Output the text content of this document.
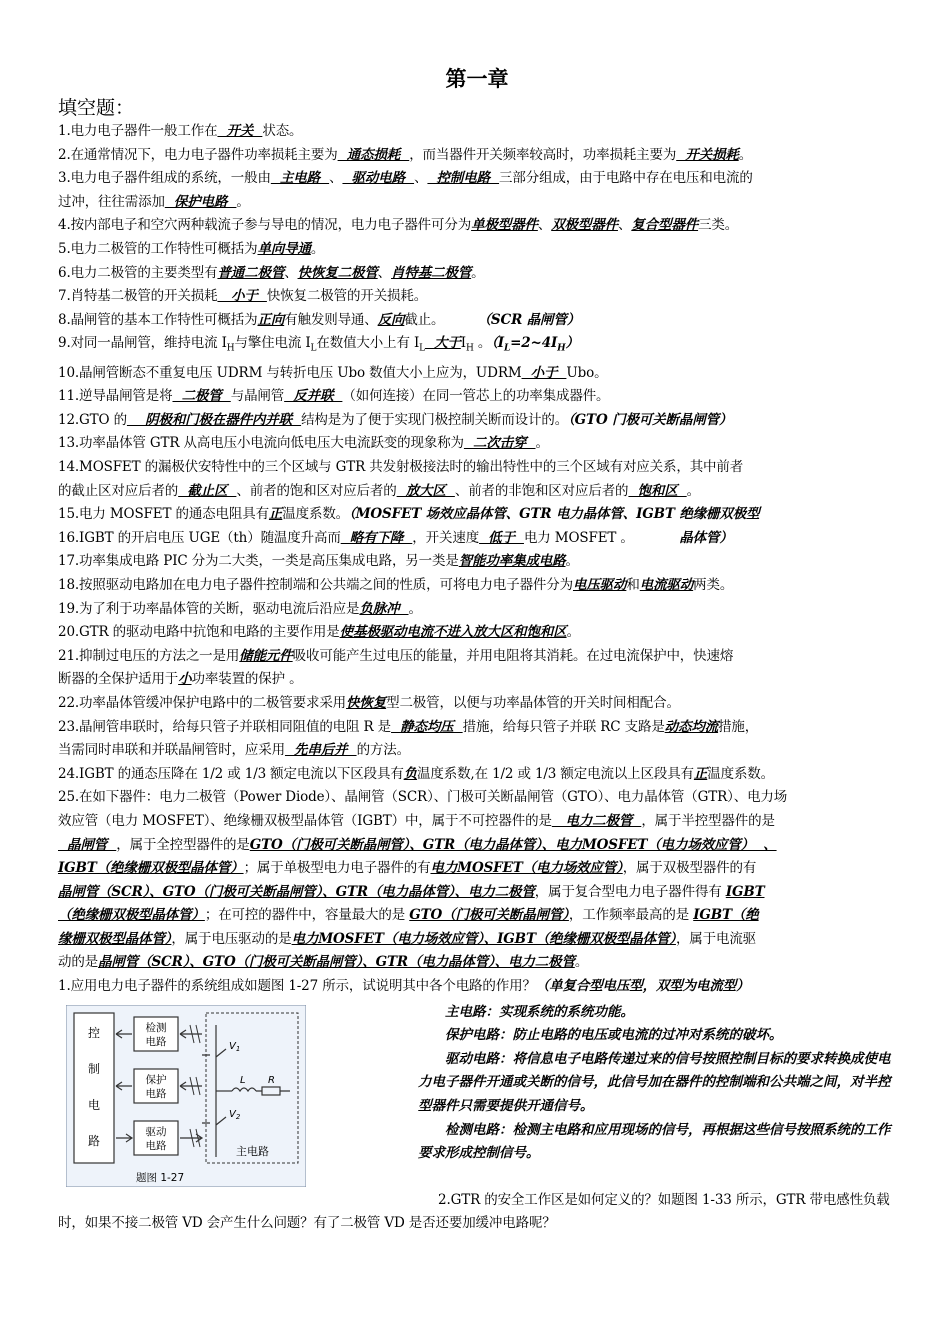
第一章
填空题：

1.电力电子器件一般工作在  开关  状态。

2.在通常情况下，电力电子器件功率损耗主要为  通态损耗  ，而当器件开关频率较高时，功率损耗主要为  开关损耗。

3.电力电子器件组成的系统，一般由  主电路  、  驱动电路  、  控制电路  三部分组成，由于电路中存在电压和电流的

过冲，往往需添加  保护电路  。

4.按内部电子和空穴两种载流子参与导电的情况，电力电子器件可分为单极型器件、双极型器件、复合型器件三类。

5.电力二极管的工作特性可概括为单向导通。

6.电力二极管的主要类型有普通二极管、快恢复二极管、肖特基二极管。

7.肖特基二极管的开关损耗   小于  快恢复二极管的开关损耗。

8.晶闸管的基本工作特性可概括为正向有触发则导通、反向截止。        （SCR 晶闸管）

9.对同一晶闸管，维持电流 $I_H$与擎住电流 $I_L$在数值大小上有 $I_L$  大于$I_H$ 。$(I_L=2\sim 4I_H)$

10.晶闸管断态不重复电压 UDRM 与转折电压 Ubo 数值大小上应为，UDRM  小于  Ubo。

11.逆导晶闸管是将  二极管  与晶闸管  反并联  （如何连接）在同一管芯上的功率集成器件。

12.GTO 的    阴极和门极在器件内并联  结构是为了便于实现门极控制关断而设计的。（GTO 门极可关断晶闸管）

13.功率晶体管 GTR 从高电压小电流向低电压大电流跃变的现象称为  二次击穿  。

14.MOSFET 的漏极伏安特性中的三个区域与 GTR 共发射极接法时的输出特性中的三个区域有对应关系，其中前者

的截止区对应后者的  截止区  、前者的饱和区对应后者的  放大区  、前者的非饱和区对应后者的  饱和区  。

15.电力 MOSFET 的通态电阻具有正温度系数。（MOSFET 场效应晶体管、GTR 电力晶体管、IGBT 绝缘栅双极型

16.IGBT 的开启电压 UGE（th）随温度升高而  略有下降  ，开关速度  低于  电力 MOSFET 。           晶体管）

17.功率集成电路 PIC 分为二大类，一类是高压集成电路，另一类是智能功率集成电路。

18.按照驱动电路加在电力电子器件控制端和公共端之间的性质，可将电力电子器件分为电压驱动和电流驱动两类。

19.为了利于功率晶体管的关断，驱动电流后沿应是负脉冲  。

20.GTR 的驱动电路中抗饱和电路的主要作用是使基极驱动电流不进入放大区和饱和区。

21.抑制过电压的方法之一是用储能元件吸收可能产生过电压的能量，并用电阻将其消耗。在过电流保护中，快速熔

断器的全保护适用于小功率装置的保护 。

22.功率晶体管缓冲保护电路中的二极管要求采用快恢复型二极管，以便与功率晶体管的开关时间相配合。

23.晶闸管串联时，给每只管子并联相同阻值的电阻 R 是  静态均压  措施，给每只管子并联 RC 支路是动态均流措施，

当需同时串联和并联晶闸管时，应采用  先串后并  的方法。

24.IGBT 的通态压降在 1/2 或 1/3 额定电流以下区段具有负温度系数,在 1/2 或 1/3 额定电流以上区段具有正温度系数。

25.在如下器件：电力二极管（Power Diode）、晶闸管（SCR）、门极可关断晶闸管（GTO）、电力晶体管（GTR）、电力场

效应管（电力 MOSFET）、绝缘栅双极型晶体管（IGBT）中，属于不可控器件的是   电力二极管  ，属于半控型器件的是

晶闸管  ，属于全控型器件的是GTO（门极可关断晶闸管）、GTR（电力晶体管）、电力MOSFET（电力场效应管）  、

IGBT（绝缘栅双极型晶体管）；属于单极型电力电子器件的有电力MOSFET（电力场效应管），属于双极型器件的有

晶闸管（SCR）、GTO（门极可关断晶闸管）、GTR（电力晶体管）、电力二极管，属于复合型电力电子器件得有 IGBT

（绝缘栅双极型晶体管）；在可控的器件中，容量最大的是 GTO（门极可关断晶闸管），工作频率最高的是 IGBT（绝

缘栅双极型晶体管），属于电压驱动的是电力MOSFET（电力场效应管）、IGBT（绝缘栅双极型晶体管），属于电流驱

动的是晶闸管（SCR）、GTO（门极可关断晶闸管）、GTR（电力晶体管）、电力二极管。

1.应用电力电子器件的系统组成如题图 1-27 所示，试说明其中各个电路的作用？（单复合型电压型，双型为电流型）

控
制
电
路
检测
电路
保护
电路
驱动
电路
$V_1$
$V_2$
L R
主电路
题图 1-27

主电路：实现系统的系统功能。

保护电路：防止电路的电压或电流的过冲对系统的破坏。

驱动电路：将信息电子电路传递过来的信号按照控制目标的要求转换成使电力电子器件开通或关断的信号，此信号加在器件的控制端和公共端之间，对半控型器件只需要提供开通信号。

检测电路：检测主电路和应用现场的信号，再根据这些信号按照系统的工作要求形成控制信号。

2.GTR 的安全工作区是如何定义的？如题图 1-33 所示，GTR 带电感性负载时，如果不接二极管 VD 会产生什么问题？有了二极管 VD 是否还要加缓冲电路呢？
